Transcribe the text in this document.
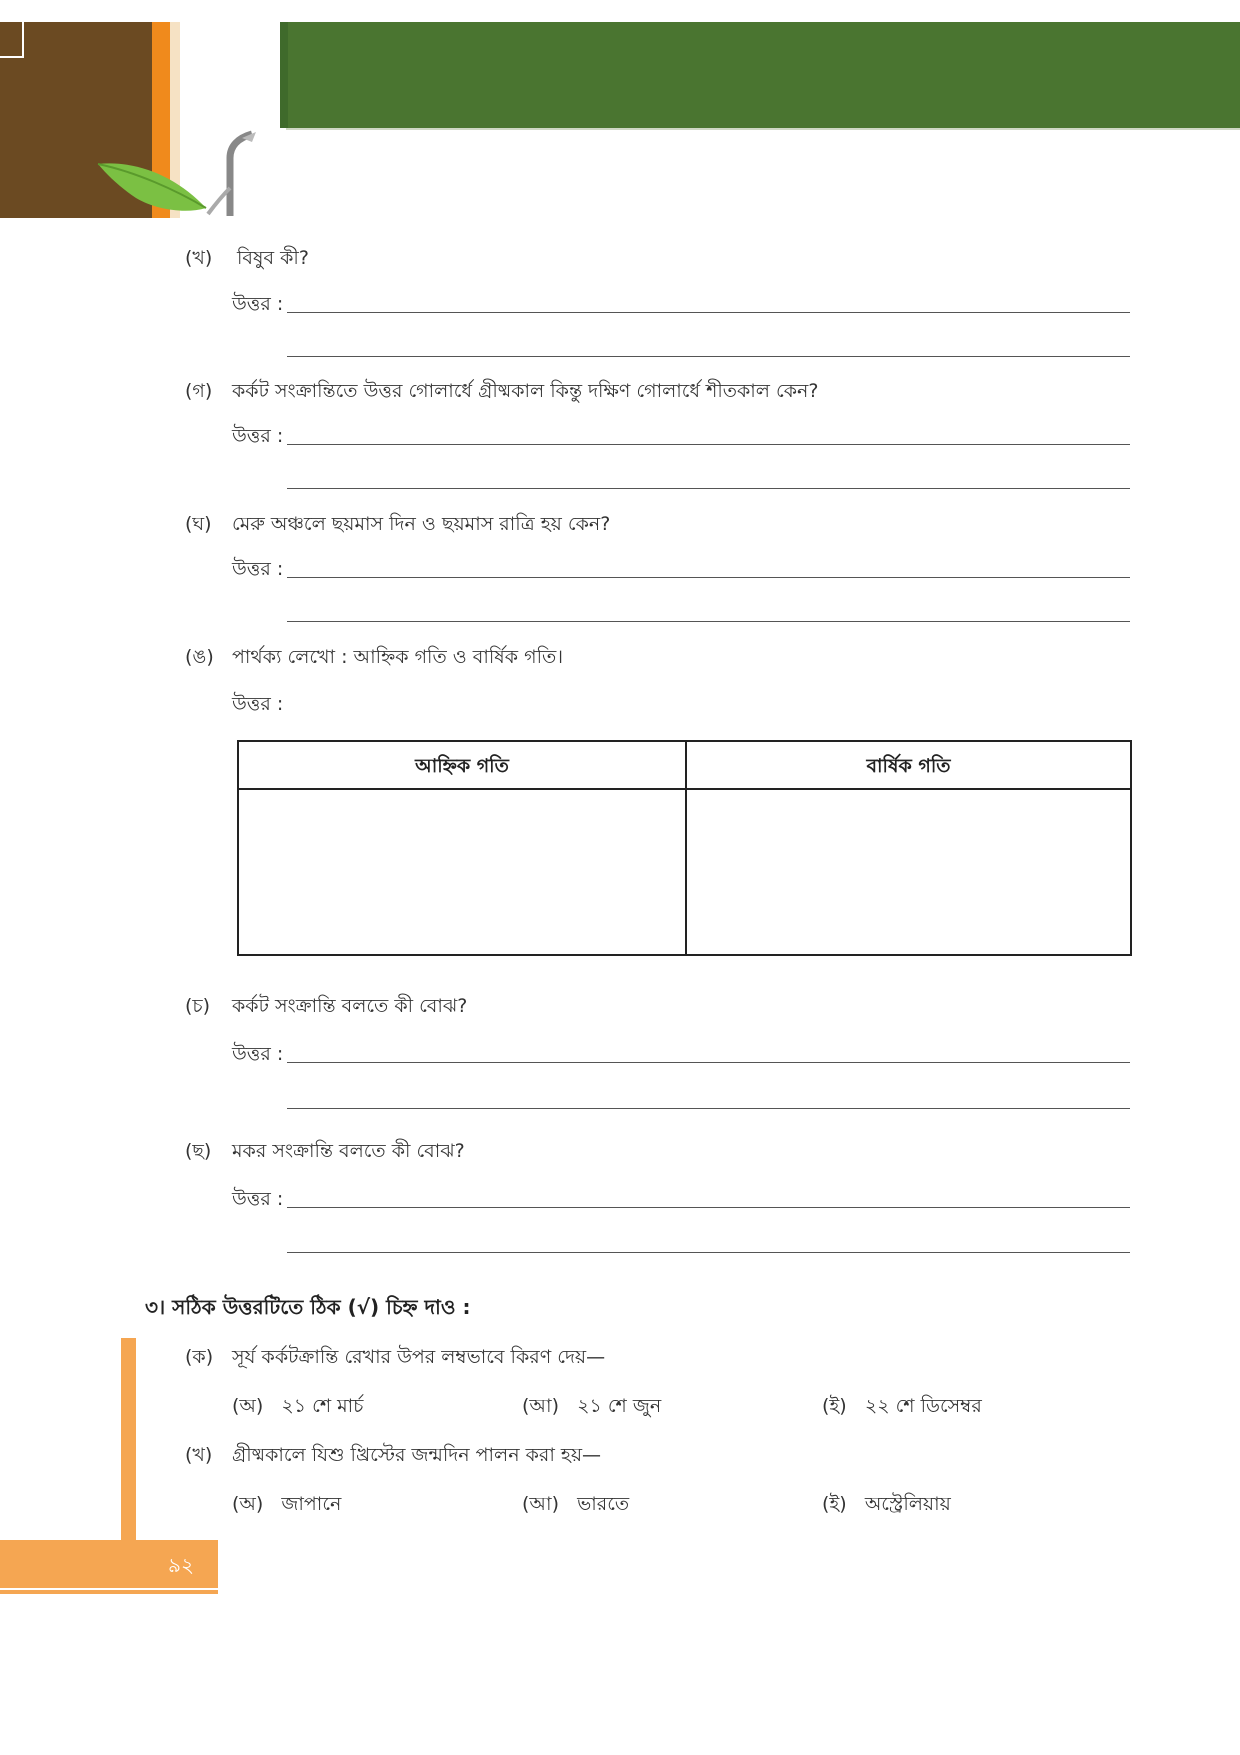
(খ) বিষুব কী?
উত্তর :
(গ) কর্কট সংক্রান্তিতে উত্তর গোলার্ধে গ্রীষ্মকাল কিন্তু দক্ষিণ গোলার্ধে শীতকাল কেন?
উত্তর :
(ঘ) মেরু অঞ্চলে ছয়মাস দিন ও ছয়মাস রাত্রি হয় কেন?
উত্তর :
(ঙ) পার্থক্য লেখো : আহ্নিক গতি ও বার্ষিক গতি।
উত্তর :
আহ্নিক গতি	বার্ষিক গতি
(চ) কর্কট সংক্রান্তি বলতে কী বোঝ?
উত্তর :
(ছ) মকর সংক্রান্তি বলতে কী বোঝ?
উত্তর :
৩। সঠিক উত্তরটিতে ঠিক (√) চিহ্ন দাও :
(ক) সূর্য কর্কটক্রান্তি রেখার উপর লম্বভাবে কিরণ দেয়—
(অ) ২১ শে মার্চ	(আ) ২১ শে জুন	(ই) ২২ শে ডিসেম্বর
(খ) গ্রীষ্মকালে যিশু খ্রিস্টের জন্মদিন পালন করা হয়—
(অ) জাপানে	(আ) ভারতে	(ই) অস্ট্রেলিয়ায়
৯২
